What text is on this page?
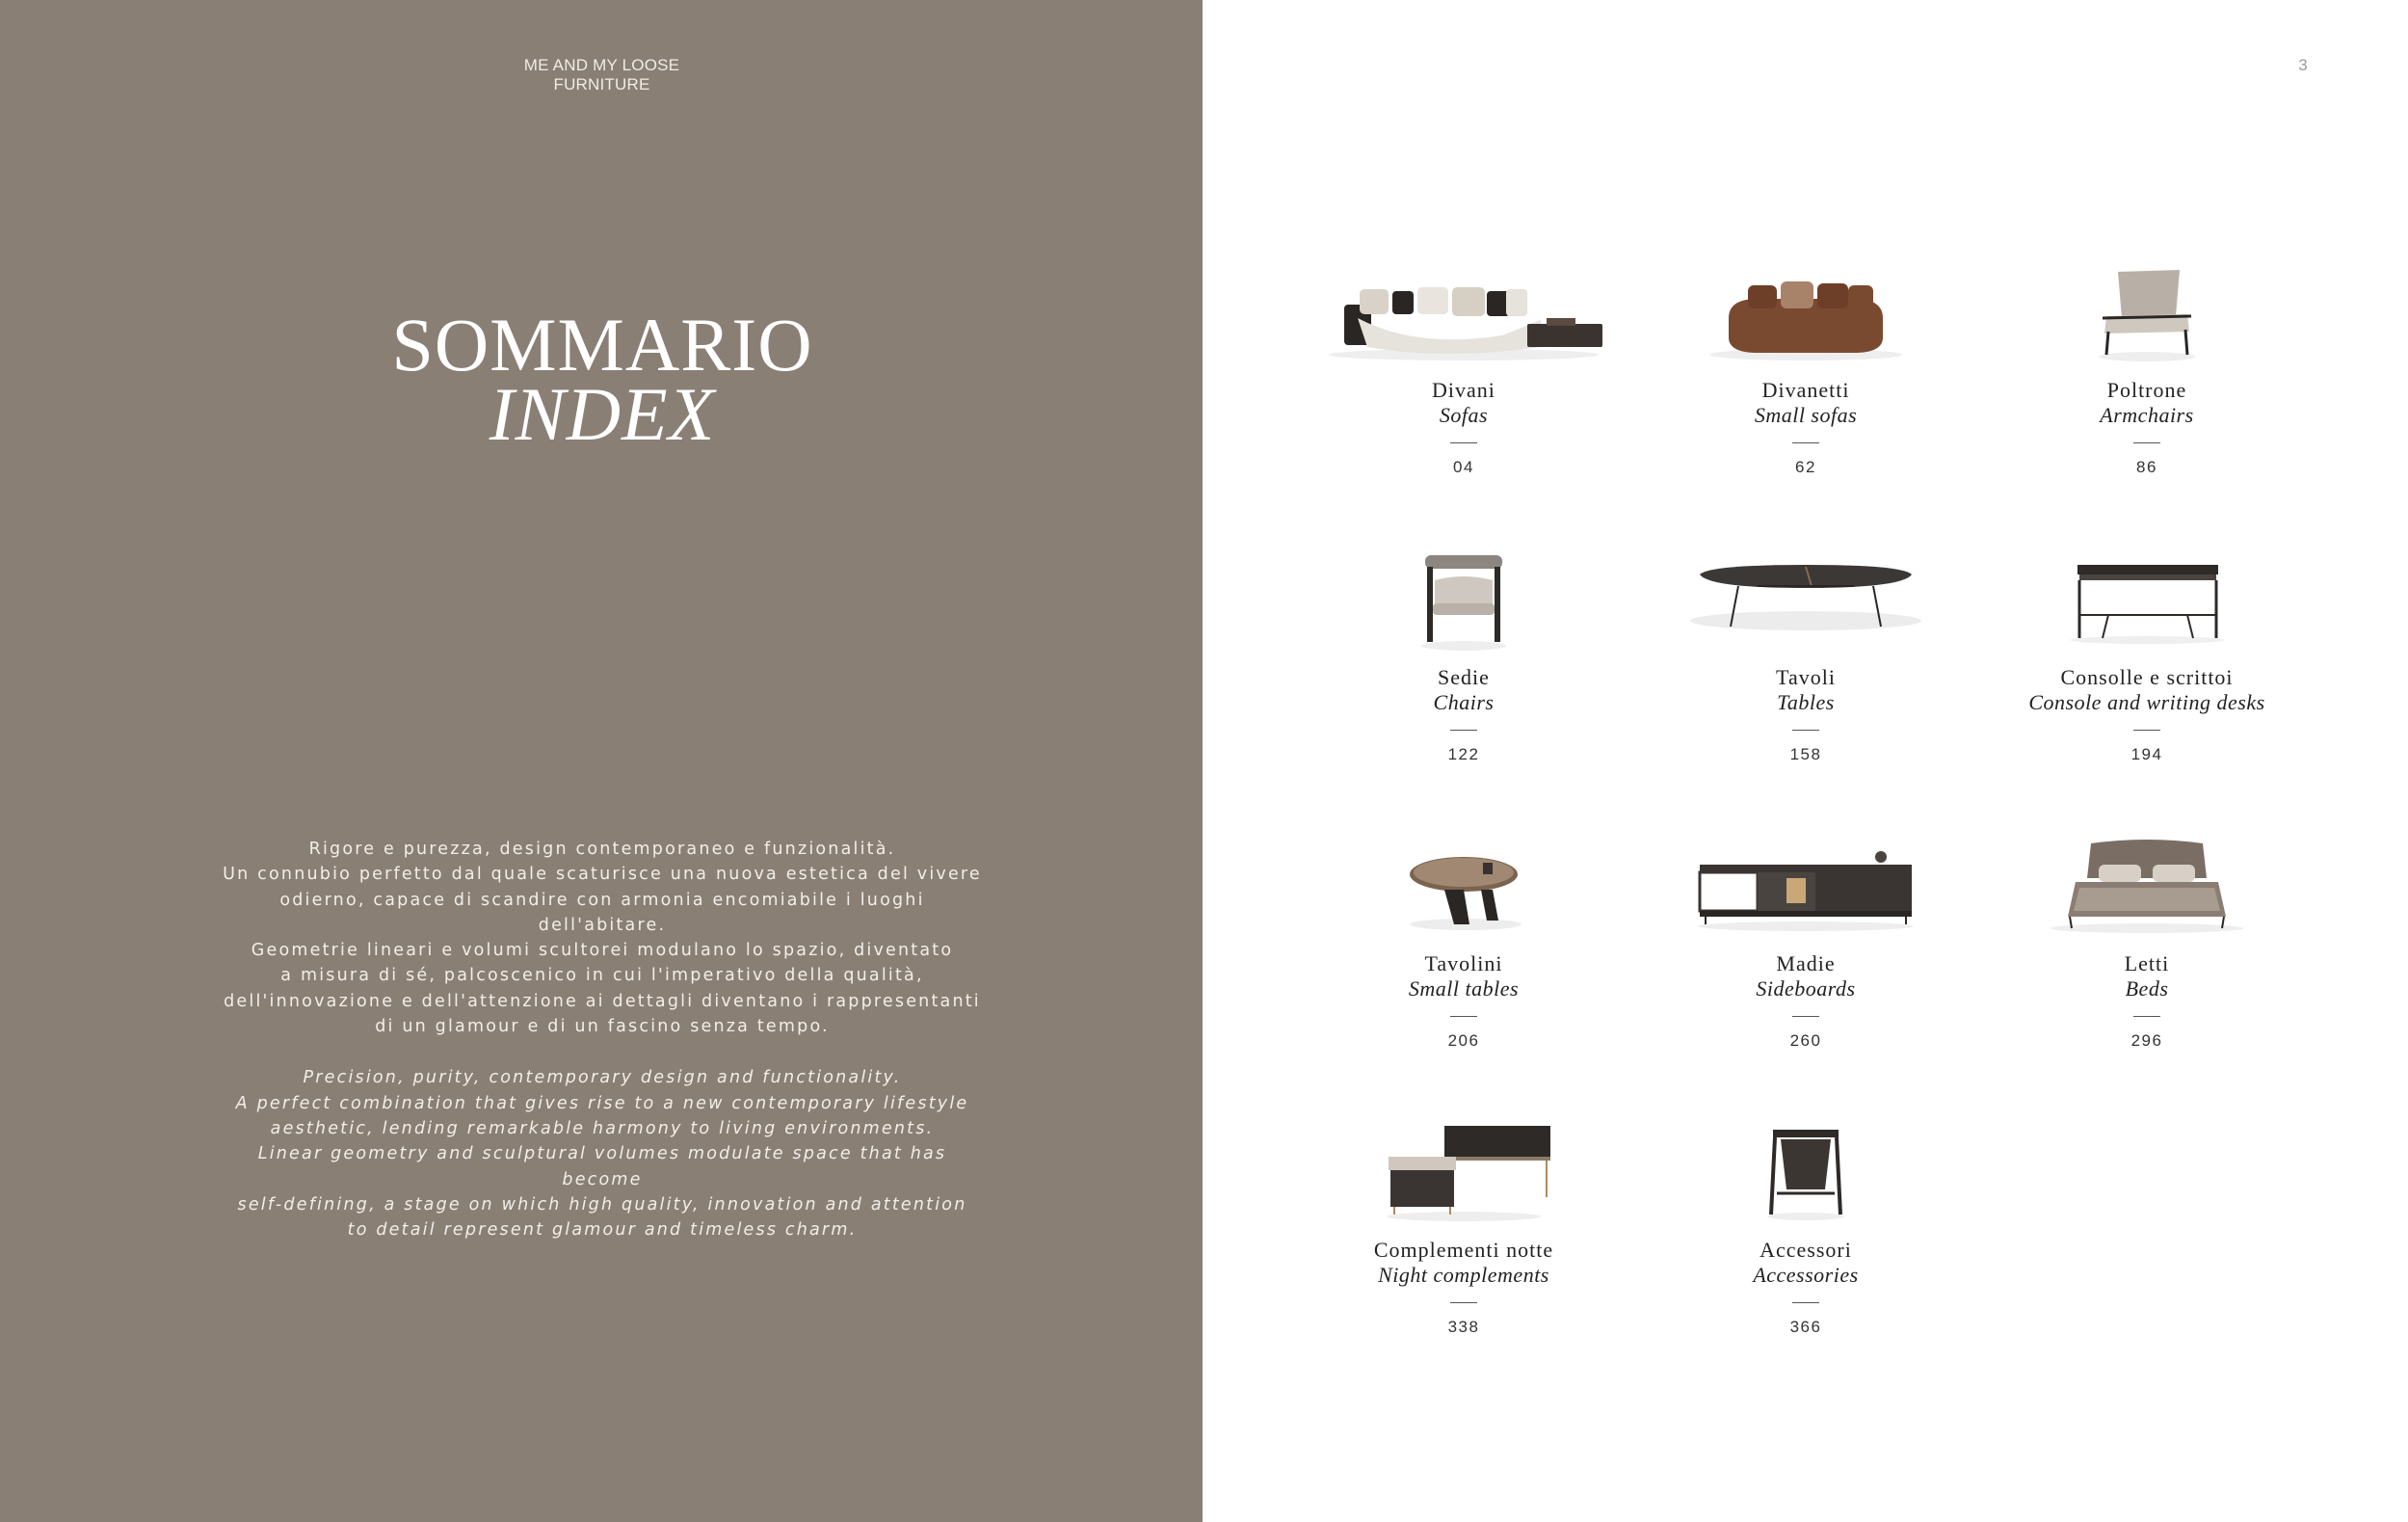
ME AND MY LOOSE FURNITURE
SOMMARIO
INDEX

Rigore e purezza, design contemporaneo e funzionalità.
Un connubio perfetto dal quale scaturisce una nuova estetica del vivere
odierno, capace di scandire con armonia encomiabile i luoghi dell'abitare.
Geometrie lineari e volumi scultorei modulano lo spazio, diventato
a misura di sé, palcoscenico in cui l'imperativo della qualità,
dell'innovazione e dell'attenzione ai dettagli diventano i rappresentanti
di un glamour e di un fascino senza tempo.

Precision, purity, contemporary design and functionality.
A perfect combination that gives rise to a new contemporary lifestyle
aesthetic, lending remarkable harmony to living environments.
Linear geometry and sculptural volumes modulate space that has become
self-defining, a stage on which high quality, innovation and attention
to detail represent glamour and timeless charm.

3
Divani
Sofas
04
Divanetti
Small sofas
62
Poltrone
Armchairs
86
Sedie
Chairs
122
Tavoli
Tables
158
Consolle e scrittoi
Console and writing desks
194
Tavolini
Small tables
206
Madie
Sideboards
260
Letti
Beds
296
Complementi notte
Night complements
338
Accessori
Accessories
366
